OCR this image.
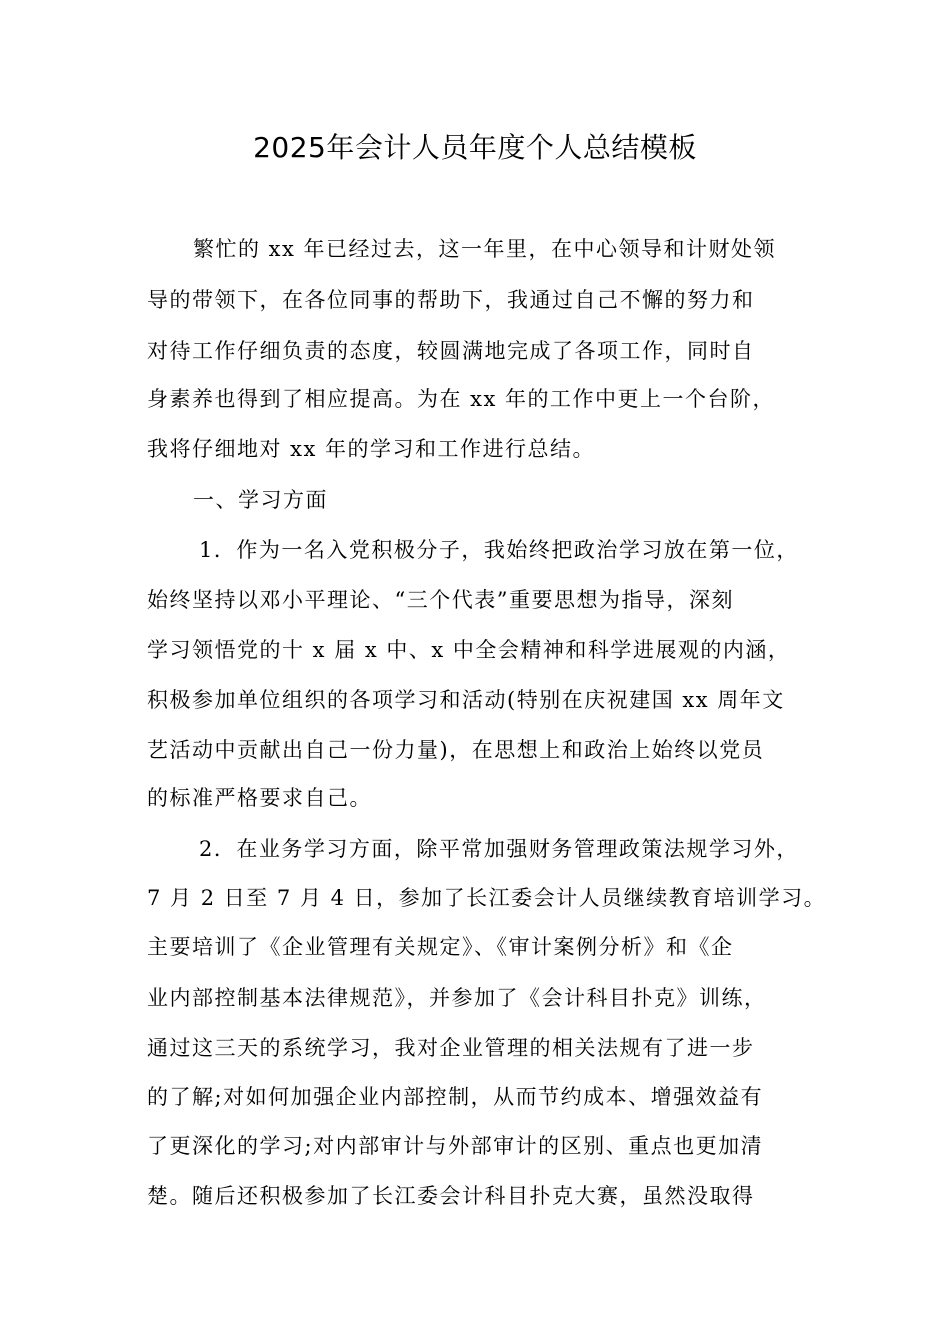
2025年会计人员年度个人总结模板
繁忙的 xx 年已经过去，这一年里，在中心领导和计财处领
导的带领下，在各位同事的帮助下，我通过自己不懈的努力和
对待工作仔细负责的态度，较圆满地完成了各项工作，同时自
身素养也得到了相应提高。为在 xx 年的工作中更上一个台阶，
我将仔细地对 xx 年的学习和工作进行总结。
一、学习方面
1．作为一名入党积极分子，我始终把政治学习放在第一位，
始终坚持以邓小平理论、“三个代表”重要思想为指导，深刻
学习领悟党的十 x 届 x 中、x 中全会精神和科学进展观的内涵，
积极参加单位组织的各项学习和活动(特别在庆祝建国 xx 周年文
艺活动中贡献出自己一份力量)，在思想上和政治上始终以党员
的标准严格要求自己。
2．在业务学习方面，除平常加强财务管理政策法规学习外，
7 月 2 日至 7 月 4 日，参加了长江委会计人员继续教育培训学习。
主要培训了《企业管理有关规定》、《审计案例分析》和《企
业内部控制基本法律规范》，并参加了《会计科目扑克》训练，
通过这三天的系统学习，我对企业管理的相关法规有了进一步
的了解;对如何加强企业内部控制，从而节约成本、增强效益有
了更深化的学习;对内部审计与外部审计的区别、重点也更加清
楚。随后还积极参加了长江委会计科目扑克大赛，虽然没取得
